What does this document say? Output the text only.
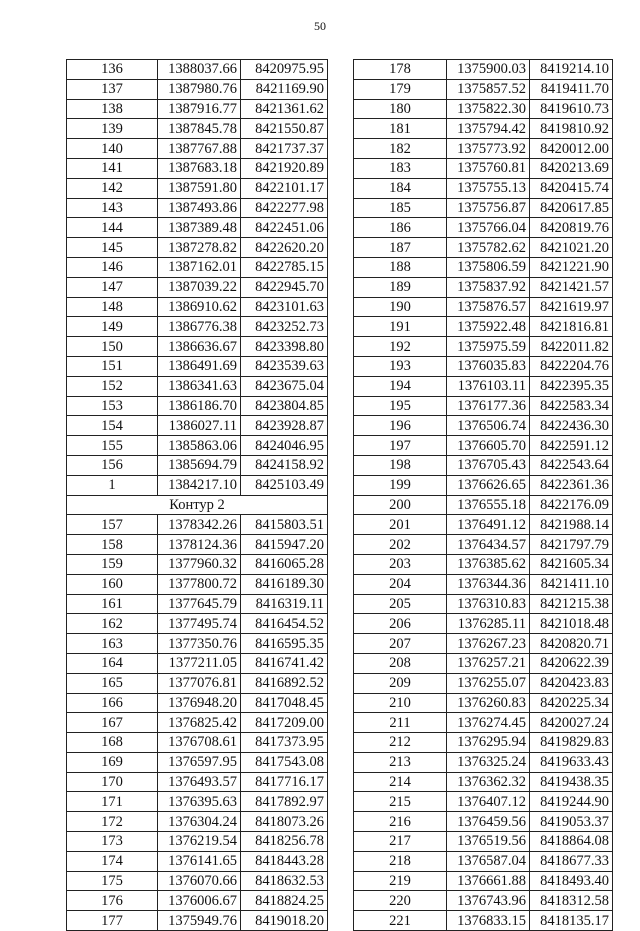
50
136	1388037.66	8420975.95
137	1387980.76	8421169.90
138	1387916.77	8421361.62
139	1387845.78	8421550.87
140	1387767.88	8421737.37
141	1387683.18	8421920.89
142	1387591.80	8422101.17
143	1387493.86	8422277.98
144	1387389.48	8422451.06
145	1387278.82	8422620.20
146	1387162.01	8422785.15
147	1387039.22	8422945.70
148	1386910.62	8423101.63
149	1386776.38	8423252.73
150	1386636.67	8423398.80
151	1386491.69	8423539.63
152	1386341.63	8423675.04
153	1386186.70	8423804.85
154	1386027.11	8423928.87
155	1385863.06	8424046.95
156	1385694.79	8424158.92
1	1384217.10	8425103.49
Контур 2		
157	1378342.26	8415803.51
158	1378124.36	8415947.20
159	1377960.32	8416065.28
160	1377800.72	8416189.30
161	1377645.79	8416319.11
162	1377495.74	8416454.52
163	1377350.76	8416595.35
164	1377211.05	8416741.42
165	1377076.81	8416892.52
166	1376948.20	8417048.45
167	1376825.42	8417209.00
168	1376708.61	8417373.95
169	1376597.95	8417543.08
170	1376493.57	8417716.17
171	1376395.63	8417892.97
172	1376304.24	8418073.26
173	1376219.54	8418256.78
174	1376141.65	8418443.28
175	1376070.66	8418632.53
176	1376006.67	8418824.25
177	1375949.76	8419018.20
178	1375900.03	8419214.10
179	1375857.52	8419411.70
180	1375822.30	8419610.73
181	1375794.42	8419810.92
182	1375773.92	8420012.00
183	1375760.81	8420213.69
184	1375755.13	8420415.74
185	1375756.87	8420617.85
186	1375766.04	8420819.76
187	1375782.62	8421021.20
188	1375806.59	8421221.90
189	1375837.92	8421421.57
190	1375876.57	8421619.97
191	1375922.48	8421816.81
192	1375975.59	8422011.82
193	1376035.83	8422204.76
194	1376103.11	8422395.35
195	1376177.36	8422583.34
196	1376506.74	8422436.30
197	1376605.70	8422591.12
198	1376705.43	8422543.64
199	1376626.65	8422361.36
200	1376555.18	8422176.09
201	1376491.12	8421988.14
202	1376434.57	8421797.79
203	1376385.62	8421605.34
204	1376344.36	8421411.10
205	1376310.83	8421215.38
206	1376285.11	8421018.48
207	1376267.23	8420820.71
208	1376257.21	8420622.39
209	1376255.07	8420423.83
210	1376260.83	8420225.34
211	1376274.45	8420027.24
212	1376295.94	8419829.83
213	1376325.24	8419633.43
214	1376362.32	8419438.35
215	1376407.12	8419244.90
216	1376459.56	8419053.37
217	1376519.56	8418864.08
218	1376587.04	8418677.33
219	1376661.88	8418493.40
220	1376743.96	8418312.58
221	1376833.15	8418135.17
